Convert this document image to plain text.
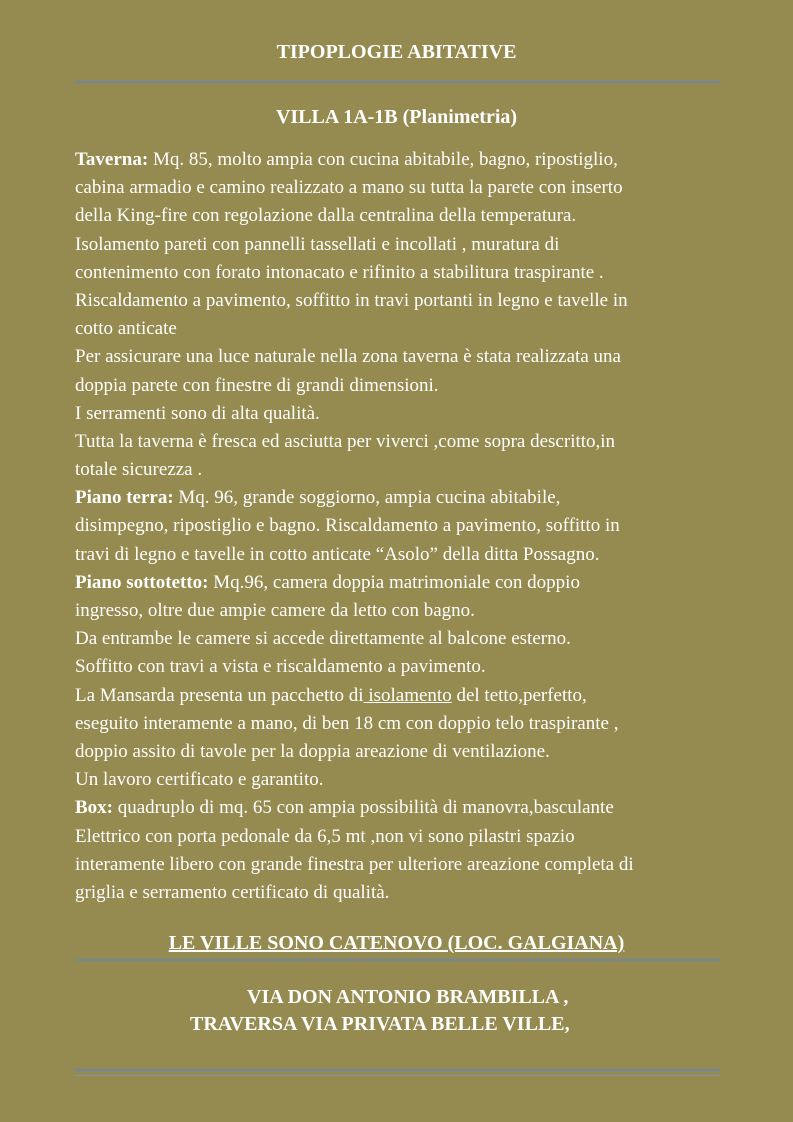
TIPOPLOGIE ABITATIVE
VILLA 1A-1B (Planimetria)
Taverna: Mq. 85, molto ampia con cucina abitabile, bagno, ripostiglio,
cabina armadio e camino realizzato a mano su tutta la parete con inserto
della King-fire con regolazione dalla centralina della temperatura.
Isolamento pareti con pannelli tassellati e incollati , muratura di
contenimento con forato intonacato e rifinito a stabilitura traspirante .
Riscaldamento a pavimento, soffitto in travi portanti in legno e tavelle in
cotto anticate
Per assicurare una luce naturale nella zona taverna è stata realizzata una
doppia parete con finestre di grandi dimensioni.
I serramenti sono di alta qualità.
Tutta la taverna è fresca ed asciutta per viverci ,come sopra descritto,in
totale sicurezza .
Piano terra: Mq. 96, grande soggiorno, ampia cucina abitabile,
disimpegno, ripostiglio e bagno. Riscaldamento a pavimento, soffitto in
travi di legno e tavelle in cotto anticate “Asolo” della ditta Possagno.
Piano sottotetto: Mq.96, camera doppia matrimoniale con doppio
ingresso, oltre due ampie camere da letto con bagno.
Da entrambe le camere si accede direttamente al balcone esterno.
Soffitto con travi a vista e riscaldamento a pavimento.
La Mansarda presenta un pacchetto di isolamento del tetto,perfetto,
eseguito interamente a mano, di ben 18 cm con doppio telo traspirante ,
doppio assito di tavole per la doppia areazione di ventilazione.
Un lavoro certificato e garantito.
Box: quadruplo di mq. 65 con ampia possibilità di manovra,basculante
Elettrico con porta pedonale da 6,5 mt ,non vi sono pilastri spazio
interamente libero con grande finestra per ulteriore areazione completa di
griglia e serramento certificato di qualità.
LE VILLE SONO CATENOVO (LOC. GALGIANA)
VIA DON ANTONIO BRAMBILLA ,
TRAVERSA VIA PRIVATA BELLE VILLE,
